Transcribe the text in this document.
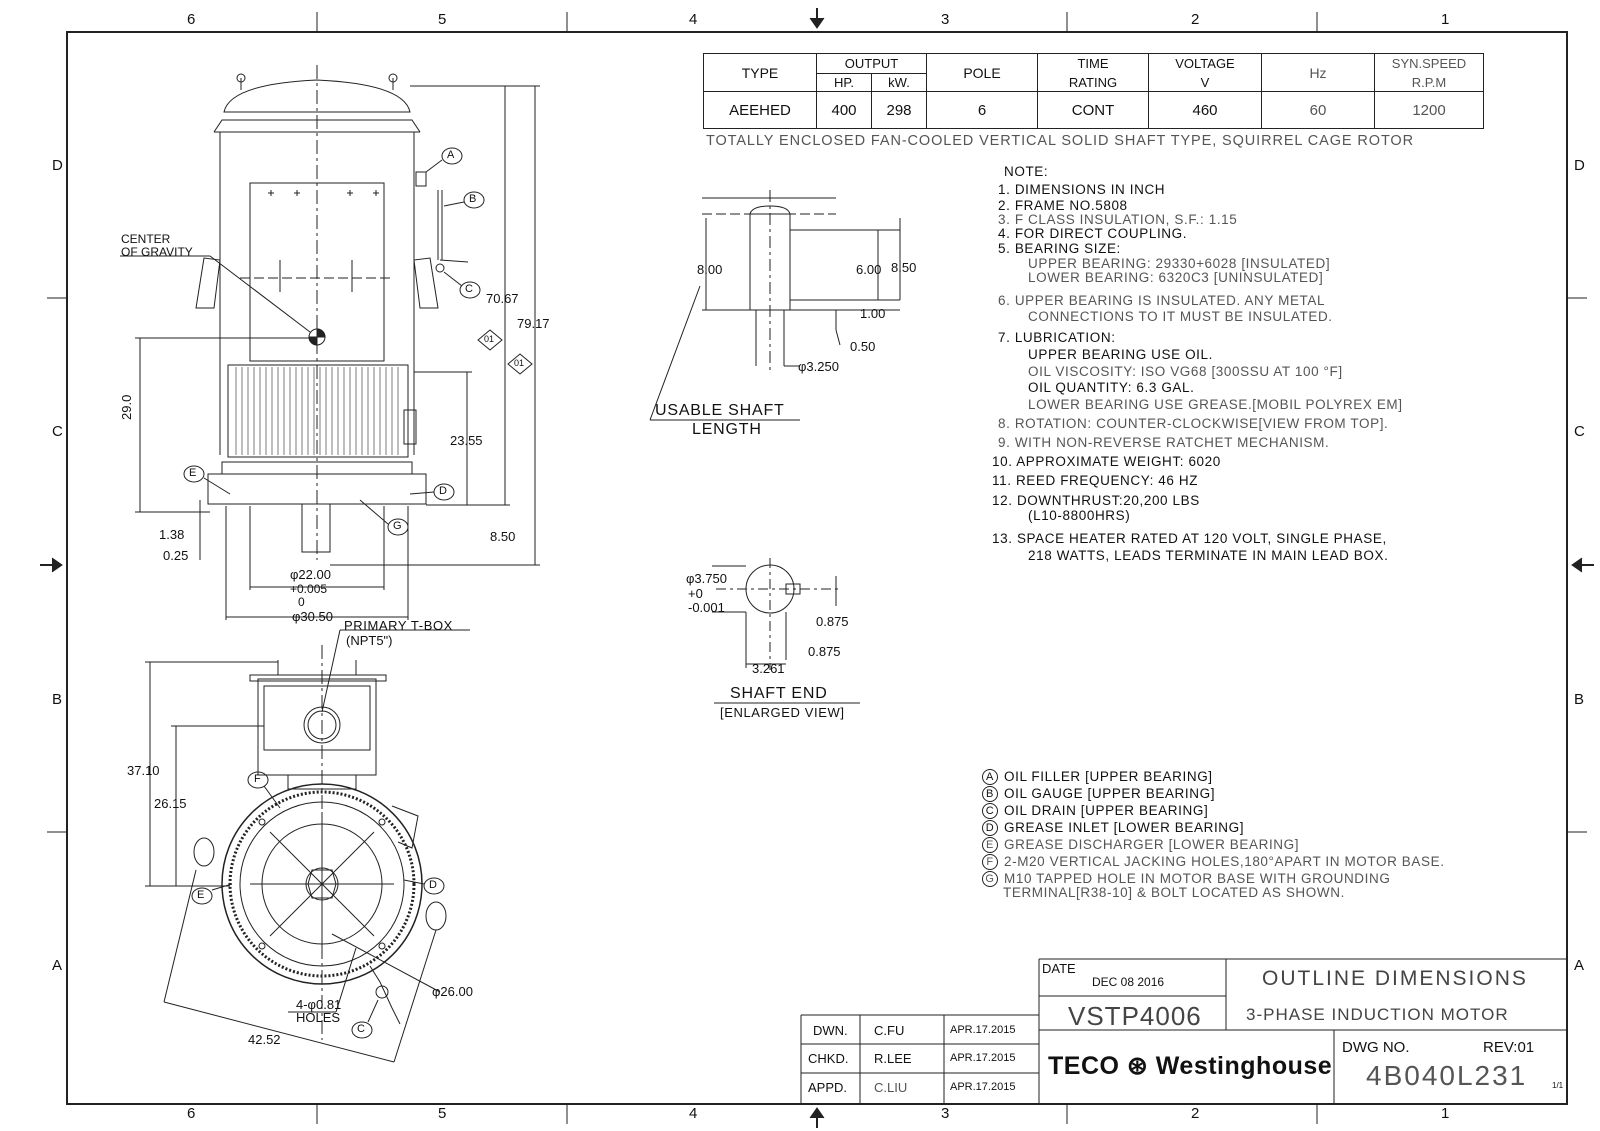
6	5	4	3	2	1
6	5	4	3	2	1
D
C
B
A
D
C
B
A
TYPE	OUTPUT		POLE	TIME	VOLTAGE	Hz	SYN.SPEED
	HP.	kW.		RATING	V		R.P.M
AEEHED	400	298	6	CONT	460	60	1200
TOTALLY ENCLOSED FAN-COOLED VERTICAL SOLID SHAFT TYPE, SQUIRREL CAGE ROTOR
NOTE:
1. DIMENSIONS IN INCH
2. FRAME NO.5808
3. F CLASS INSULATION, S.F.: 1.15
4. FOR DIRECT COUPLING.
5. BEARING SIZE:
UPPER BEARING: 29330+6028 [INSULATED]
LOWER BEARING: 6320C3 [UNINSULATED]
6. UPPER BEARING IS INSULATED. ANY METAL
CONNECTIONS TO IT MUST BE INSULATED.
7. LUBRICATION:
UPPER BEARING USE OIL.
OIL VISCOSITY: ISO VG68 [300SSU AT 100 °F]
OIL QUANTITY: 6.3 GAL.
LOWER BEARING USE GREASE.[MOBIL POLYREX EM]
8. ROTATION: COUNTER-CLOCKWISE[VIEW FROM TOP].
9. WITH NON-REVERSE RATCHET MECHANISM.
10. APPROXIMATE WEIGHT: 6020
11. REED FREQUENCY: 46 HZ
12. DOWNTHRUST:20,200 LBS
(L10-8800HRS)
13. SPACE HEATER RATED AT 120 VOLT, SINGLE PHASE,
218 WATTS, LEADS TERMINATE IN MAIN LEAD BOX.
A OIL FILLER [UPPER BEARING]
B OIL GAUGE [UPPER BEARING]
C OIL DRAIN [UPPER BEARING]
D GREASE INLET [LOWER BEARING]
E GREASE DISCHARGER [LOWER BEARING]
F 2-M20 VERTICAL JACKING HOLES,180°APART IN MOTOR BASE.
G M10 TAPPED HOLE IN MOTOR BASE WITH GROUNDING
TERMINAL[R38-10] & BOLT LOCATED AS SHOWN.
CENTER
OF GRAVITY
70.67
79.17
29.0
23.55
8.50
1.38
0.25
φ22.00
+0.005
0
φ30.50
01
01
A
B
C
D
E
G
PRIMARY T-BOX
(NPT5")
37.10
26.15
4-φ0.81
HOLES
φ26.00
42.52
F
E
D
C
8.00	6.00 8.50
1.00
0.50
φ3.250
USABLE SHAFT
LENGTH
φ3.750
+0
-0.001
0.875
0.875
3.261
SHAFT END
[ENLARGED VIEW]
DATE
DEC 08 2016
VSTP4006
OUTLINE DIMENSIONS
3-PHASE INDUCTION MOTOR
TECO ⊛ Westinghouse
DWG NO.	REV:01
4B040L231	1/1
DWN. C.FU	APR.17.2015
CHKD. R.LEE	APR.17.2015
APPD. C.LIU	APR.17.2015
